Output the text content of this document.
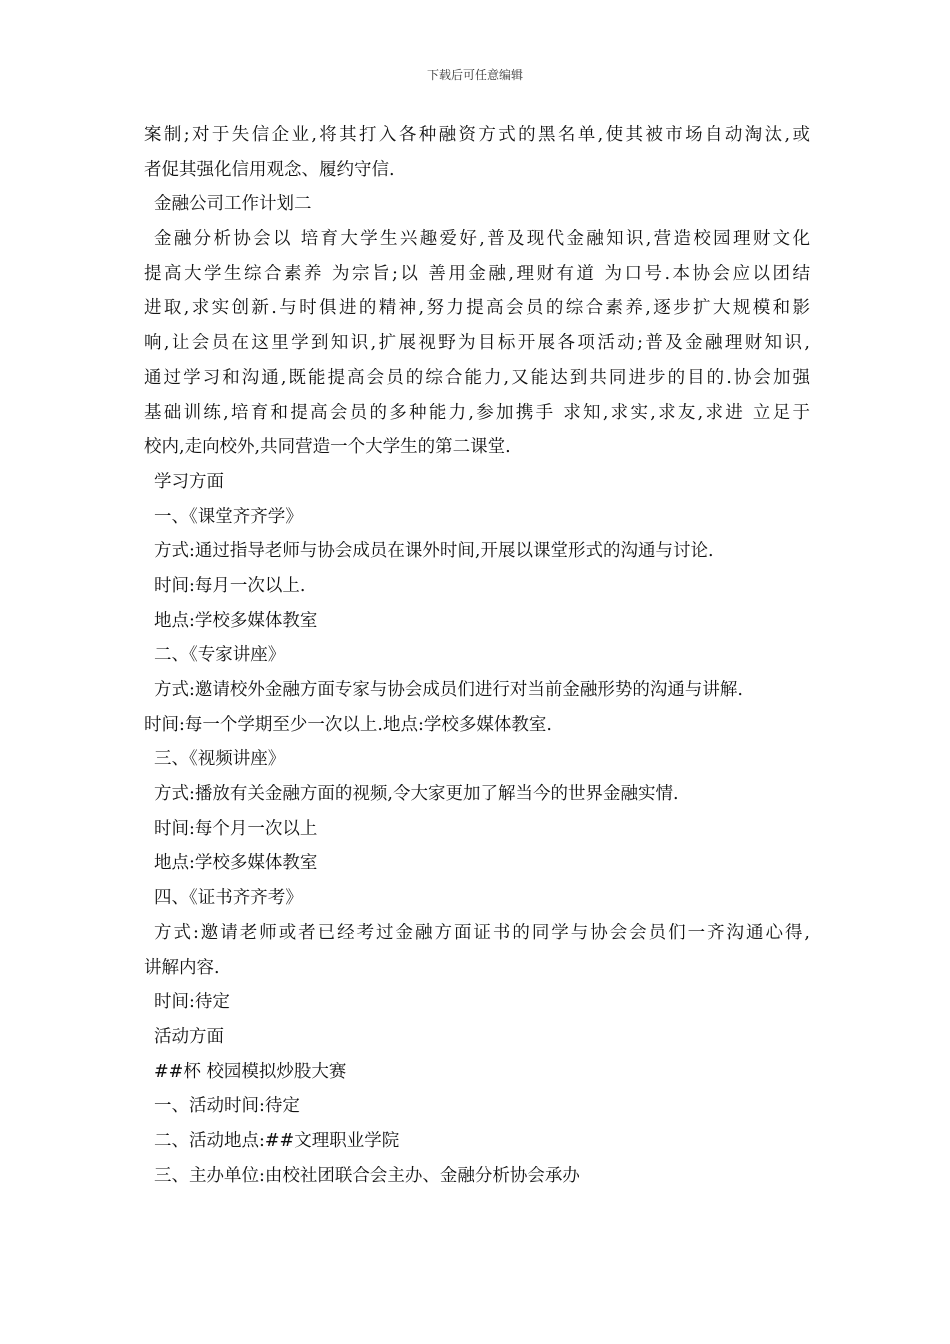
下载后可任意编辑
案制;对于失信企业,将其打入各种融资方式的黑名单,使其被市场自动淘汰,或
者促其强化信用观念、履约守信.
金融公司工作计划二
金融分析协会以 培育大学生兴趣爱好,普及现代金融知识,营造校园理财文化
提高大学生综合素养 为宗旨;以 善用金融,理财有道 为口号.本协会应以团结
进取,求实创新.与时俱进的精神,努力提高会员的综合素养,逐步扩大规模和影
响,让会员在这里学到知识,扩展视野为目标开展各项活动;普及金融理财知识,
通过学习和沟通,既能提高会员的综合能力,又能达到共同进步的目的.协会加强
基础训练,培育和提高会员的多种能力,参加携手 求知,求实,求友,求进 立足于
校内,走向校外,共同营造一个大学生的第二课堂.
学习方面
一、《课堂齐齐学》
方式:通过指导老师与协会成员在课外时间,开展以课堂形式的沟通与讨论.
时间:每月一次以上.
地点:学校多媒体教室
二、《专家讲座》
方式:邀请校外金融方面专家与协会成员们进行对当前金融形势的沟通与讲解.
时间:每一个学期至少一次以上.地点:学校多媒体教室.
三、《视频讲座》
方式:播放有关金融方面的视频,令大家更加了解当今的世界金融实情.
时间:每个月一次以上
地点:学校多媒体教室
四、《证书齐齐考》
方式:邀请老师或者已经考过金融方面证书的同学与协会会员们一齐沟通心得,
讲解内容.
时间:待定
活动方面
##杯 校园模拟炒股大赛
一、活动时间:待定
二、活动地点:##文理职业学院
三、主办单位:由校社团联合会主办、金融分析协会承办
